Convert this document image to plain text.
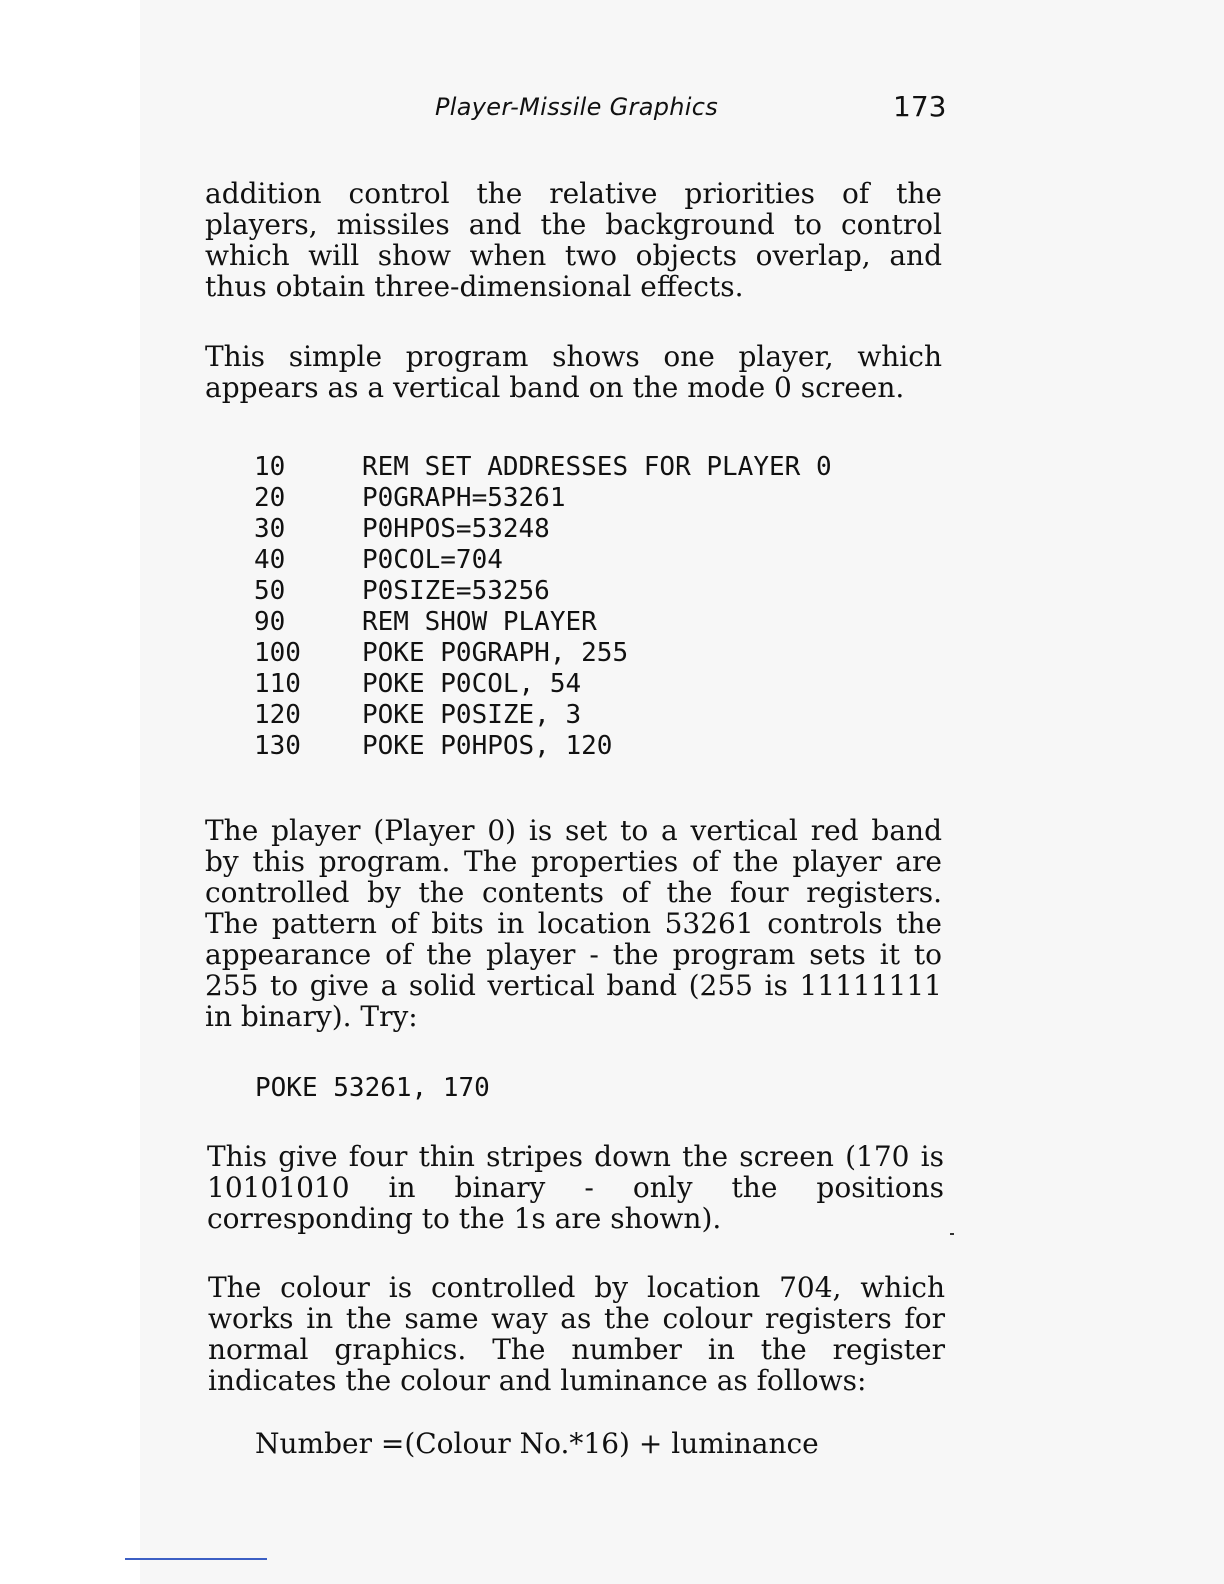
Player-Missile Graphics	173

addition control the relative priorities of the players, missiles and the background to control which will show when two objects overlap, and thus obtain three-dimensional effects.

This simple program shows one player, which appears as a vertical band on the mode 0 screen.

10	REM SET ADDRESSES FOR PLAYER 0
20	P0GRAPH=53261
30	P0HPOS=53248
40	P0COL=704
50	P0SIZE=53256
90	REM SHOW PLAYER
100	POKE P0GRAPH, 255
110	POKE P0COL, 54
120	POKE P0SIZE, 3
130	POKE P0HPOS, 120

The player (Player 0) is set to a vertical red band by this program. The properties of the player are controlled by the contents of the four registers. The pattern of bits in location 53261 controls the appearance of the player - the program sets it to 255 to give a solid vertical band (255 is 11111111 in binary). Try:

POKE 53261, 170

This give four thin stripes down the screen (170 is 10101010 in binary - only the positions corresponding to the 1s are shown).

The colour is controlled by location 704, which works in the same way as the colour registers for normal graphics. The number in the register indicates the colour and luminance as follows:

Number =(Colour No.*16) + luminance
